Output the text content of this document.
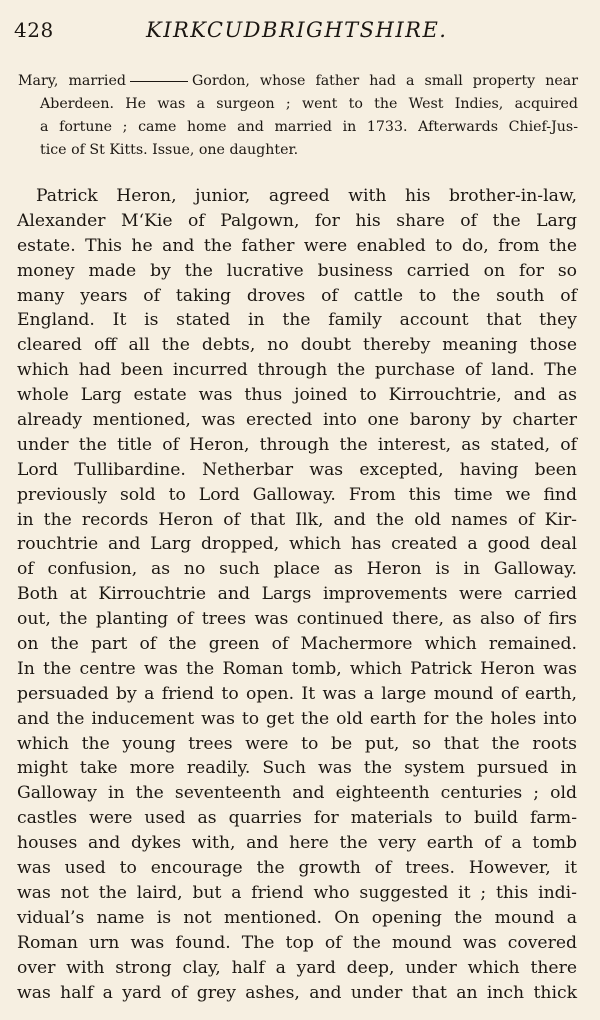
428	KIRKCUDBRIGHTSHIRE.
Mary, married	Gordon, whose father had a small property near
Aberdeen. He was a surgeon ; went to the West Indies, acquired
a fortune ; came home and married in 1733. Afterwards Chief-Jus-
tice of St Kitts. Issue, one daughter.
Patrick Heron, junior, agreed with his brother-in-law,
Alexander M‘Kie of Palgown, for his share of the Larg
estate. This he and the father were enabled to do, from the
money made by the lucrative business carried on for so
many years of taking droves of cattle to the south of
England. It is stated in the family account that they
cleared off all the debts, no doubt thereby meaning those
which had been incurred through the purchase of land. The
whole Larg estate was thus joined to Kirrouchtrie, and as
already mentioned, was erected into one barony by charter
under the title of Heron, through the interest, as stated, of
Lord Tullibardine. Netherbar was excepted, having been
previously sold to Lord Galloway. From this time we find
in the records Heron of that Ilk, and the old names of Kir-
rouchtrie and Larg dropped, which has created a good deal
of confusion, as no such place as Heron is in Galloway.
Both at Kirrouchtrie and Largs improvements were carried
out, the planting of trees was continued there, as also of firs
on the part of the green of Machermore which remained.
In the centre was the Roman tomb, which Patrick Heron was
persuaded by a friend to open. It was a large mound of earth,
and the inducement was to get the old earth for the holes into
which the young trees were to be put, so that the roots
might take more readily. Such was the system pursued in
Galloway in the seventeenth and eighteenth centuries ; old
castles were used as quarries for materials to build farm-
houses and dykes with, and here the very earth of a tomb
was used to encourage the growth of trees. However, it
was not the laird, but a friend who suggested it ; this indi-
vidual’s name is not mentioned. On opening the mound a
Roman urn was found. The top of the mound was covered
over with strong clay, half a yard deep, under which there
was half a yard of grey ashes, and under that an inch thick
